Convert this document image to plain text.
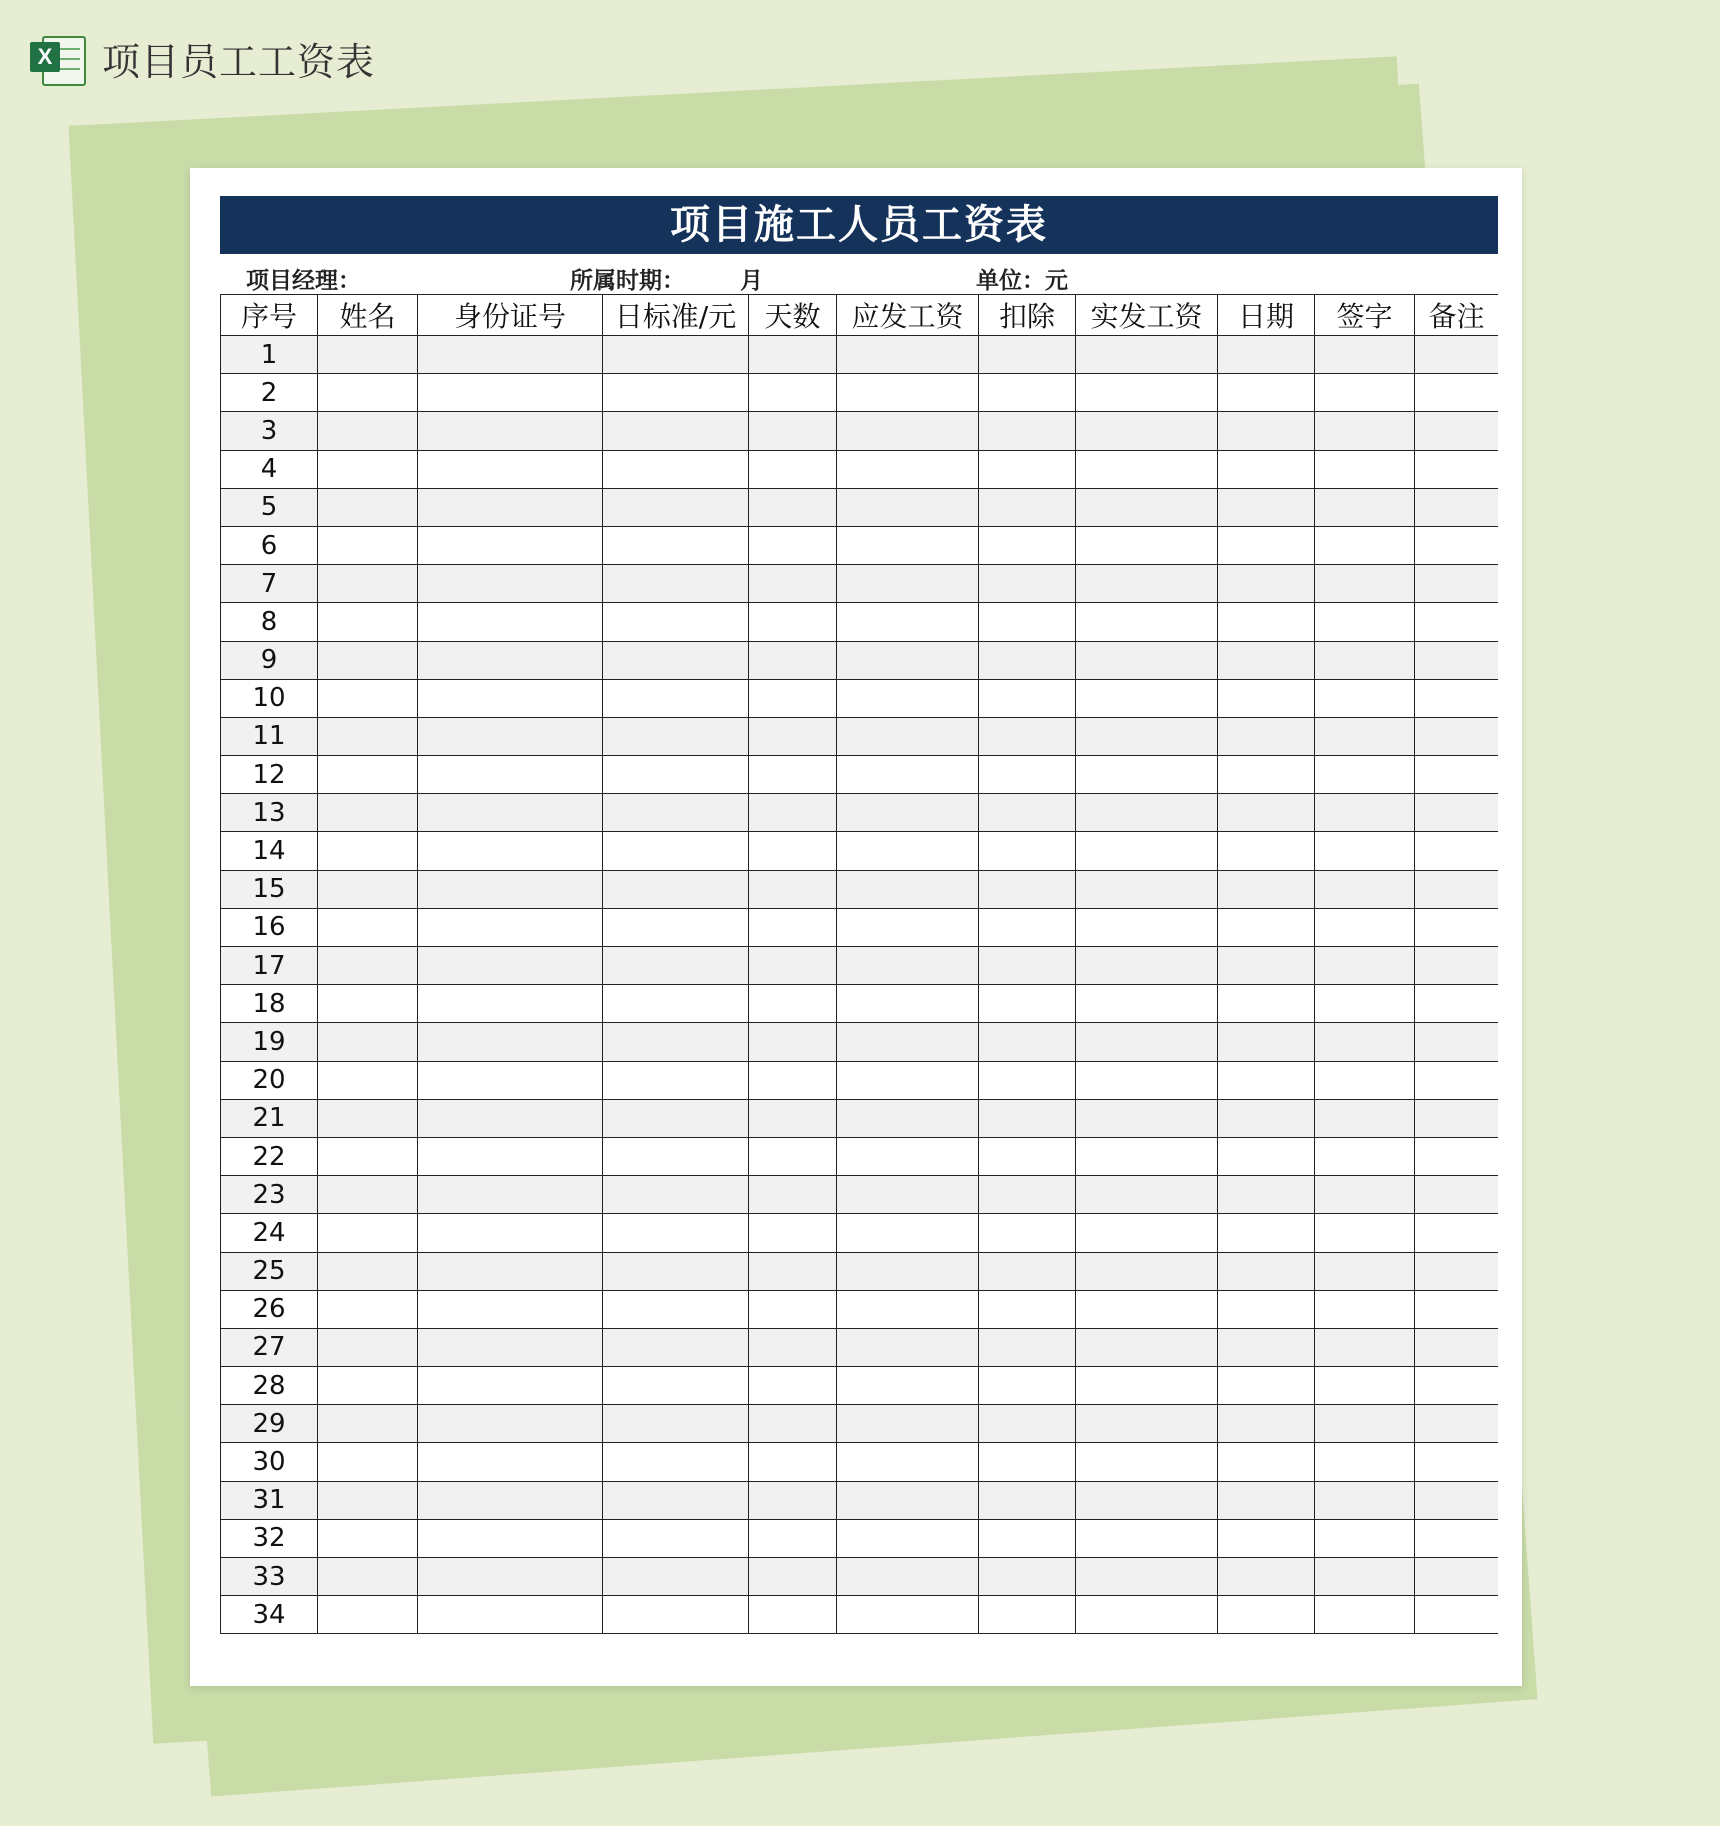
X 项目员工工资表
项目施工人员工资表
项目经理：	所属时期： 月	单位：元
序号	姓名	身份证号	日标准/元	天数	应发工资	扣除	实发工资	日期	签字	备注
1										
2										
3										
4										
5										
6										
7										
8										
9										
10										
11										
12										
13										
14										
15										
16										
17										
18										
19										
20										
21										
22										
23										
24										
25										
26										
27										
28										
29										
30										
31										
32										
33										
34										
